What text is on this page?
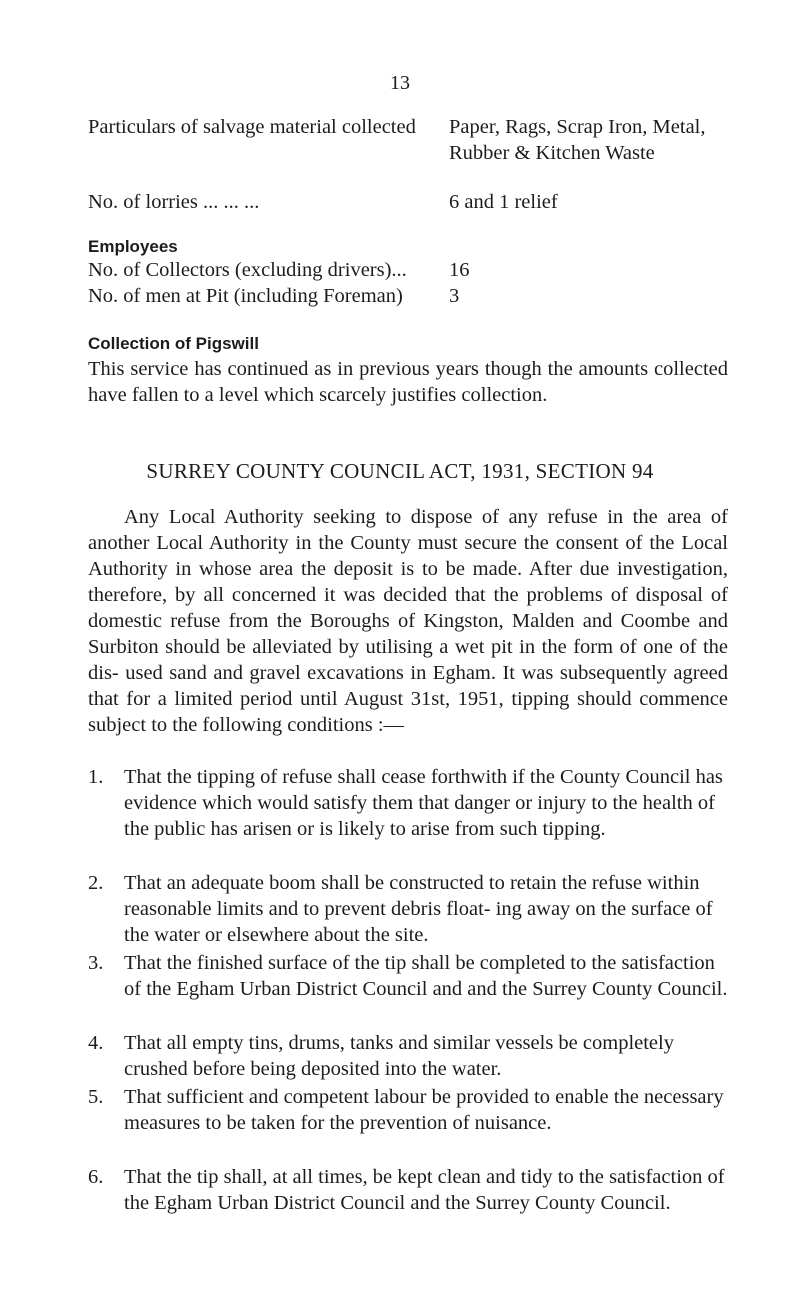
13
Particulars of salvage material collected Paper, Rags, Scrap Iron, Metal, Rubber & Kitchen Waste
No. of lorries ... ... ...	6 and 1 relief
Employees
No. of Collectors (excluding drivers)... 16
No. of men at Pit (including Foreman) 3
Collection of Pigswill
This service has continued as in previous years though the amounts collected have fallen to a level which scarcely justifies collection.
SURREY COUNTY COUNCIL ACT, 1931, SECTION 94
Any Local Authority seeking to dispose of any refuse in the area of another Local Authority in the County must secure the consent of the Local Authority in whose area the deposit is to be made. After due investigation, therefore, by all concerned it was decided that the problems of disposal of domestic refuse from the Boroughs of Kingston, Malden and Coombe and Surbiton should be alleviated by utilising a wet pit in the form of one of the dis- used sand and gravel excavations in Egham. It was subsequently agreed that for a limited period until August 31st, 1951, tipping should commence subject to the following conditions :—
1. That the tipping of refuse shall cease forthwith if the County Council has evidence which would satisfy them that danger or injury to the health of the public has arisen or is likely to arise from such tipping.
2. That an adequate boom shall be constructed to retain the refuse within reasonable limits and to prevent debris float- ing away on the surface of the water or elsewhere about the site.
3. That the finished surface of the tip shall be completed to the satisfaction of the Egham Urban District Council and and the Surrey County Council.
4. That all empty tins, drums, tanks and similar vessels be completely crushed before being deposited into the water.
5. That sufficient and competent labour be provided to enable the necessary measures to be taken for the prevention of nuisance.
6. That the tip shall, at all times, be kept clean and tidy to the satisfaction of the Egham Urban District Council and the Surrey County Council.
